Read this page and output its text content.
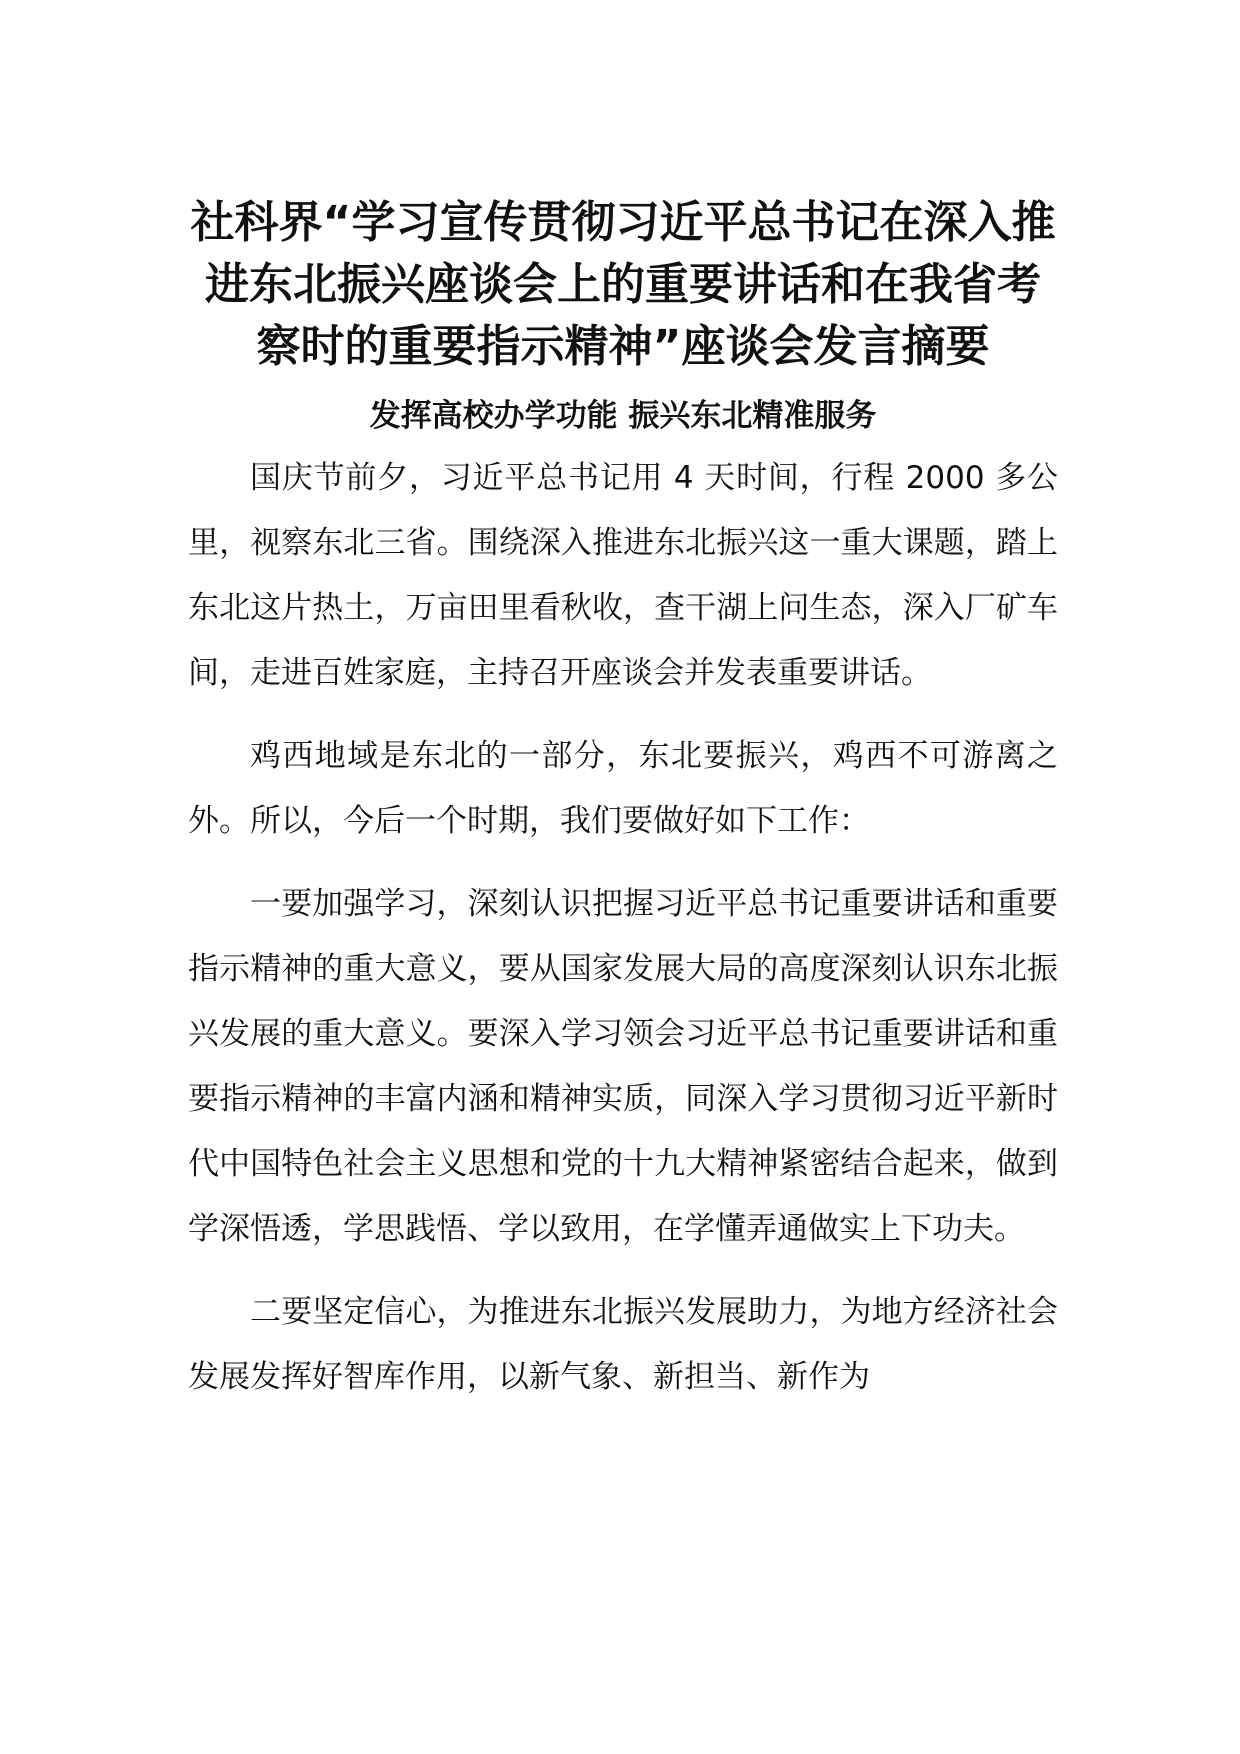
社科界“学习宣传贯彻习近平总书记在深入推进东北振兴座谈会上的重要讲话和在我省考察时的重要指示精神”座谈会发言摘要
发挥高校办学功能 振兴东北精准服务

国庆节前夕，习近平总书记用 4 天时间，行程 2000 多公里，视察东北三省。围绕深入推进东北振兴这一重大课题，踏上东北这片热土，万亩田里看秋收，查干湖上问生态，深入厂矿车间，走进百姓家庭，主持召开座谈会并发表重要讲话。

鸡西地域是东北的一部分，东北要振兴，鸡西不可游离之外。所以，今后一个时期，我们要做好如下工作：

一要加强学习，深刻认识把握习近平总书记重要讲话和重要指示精神的重大意义，要从国家发展大局的高度深刻认识东北振兴发展的重大意义。要深入学习领会习近平总书记重要讲话和重要指示精神的丰富内涵和精神实质，同深入学习贯彻习近平新时代中国特色社会主义思想和党的十九大精神紧密结合起来，做到学深悟透，学思践悟、学以致用，在学懂弄通做实上下功夫。

二要坚定信心，为推进东北振兴发展助力，为地方经济社会发展发挥好智库作用，以新气象、新担当、新作为
